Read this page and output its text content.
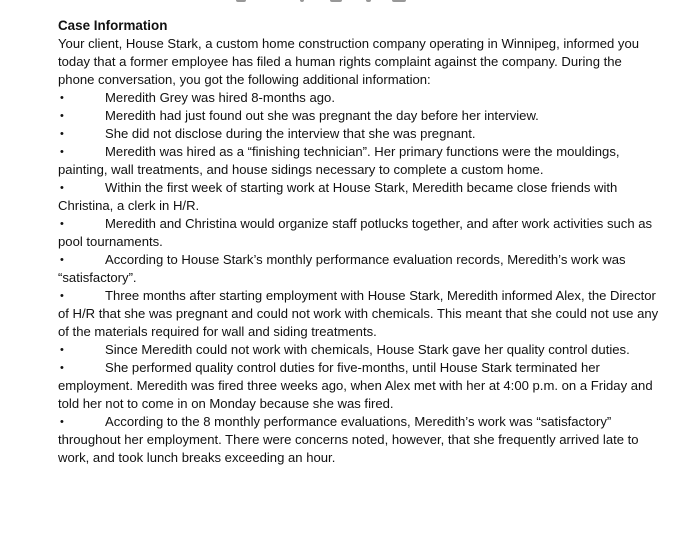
Case Information

Your client, House Stark, a custom home construction company operating in Winnipeg, informed you today that a former employee has filed a human rights complaint against the company. During the phone conversation, you got the following additional information:

•	Meredith Grey was hired 8-months ago.
•	Meredith had just found out she was pregnant the day before her interview.
•	She did not disclose during the interview that she was pregnant.
•	Meredith was hired as a “finishing technician”. Her primary functions were the mouldings, painting, wall treatments, and house sidings necessary to complete a custom home.
•	Within the first week of starting work at House Stark, Meredith became close friends with Christina, a clerk in H/R.
•	Meredith and Christina would organize staff potlucks together, and after work activities such as pool tournaments.
•	According to House Stark’s monthly performance evaluation records, Meredith’s work was “satisfactory”.
•	Three months after starting employment with House Stark, Meredith informed Alex, the Director of H/R that she was pregnant and could not work with chemicals. This meant that she could not use any of the materials required for wall and siding treatments.
•	Since Meredith could not work with chemicals, House Stark gave her quality control duties.
•	She performed quality control duties for five-months, until House Stark terminated her employment. Meredith was fired three weeks ago, when Alex met with her at 4:00 p.m. on a Friday and told her not to come in on Monday because she was fired.
•	According to the 8 monthly performance evaluations, Meredith’s work was “satisfactory” throughout her employment. There were concerns noted, however, that she frequently arrived late to work, and took lunch breaks exceeding an hour.
